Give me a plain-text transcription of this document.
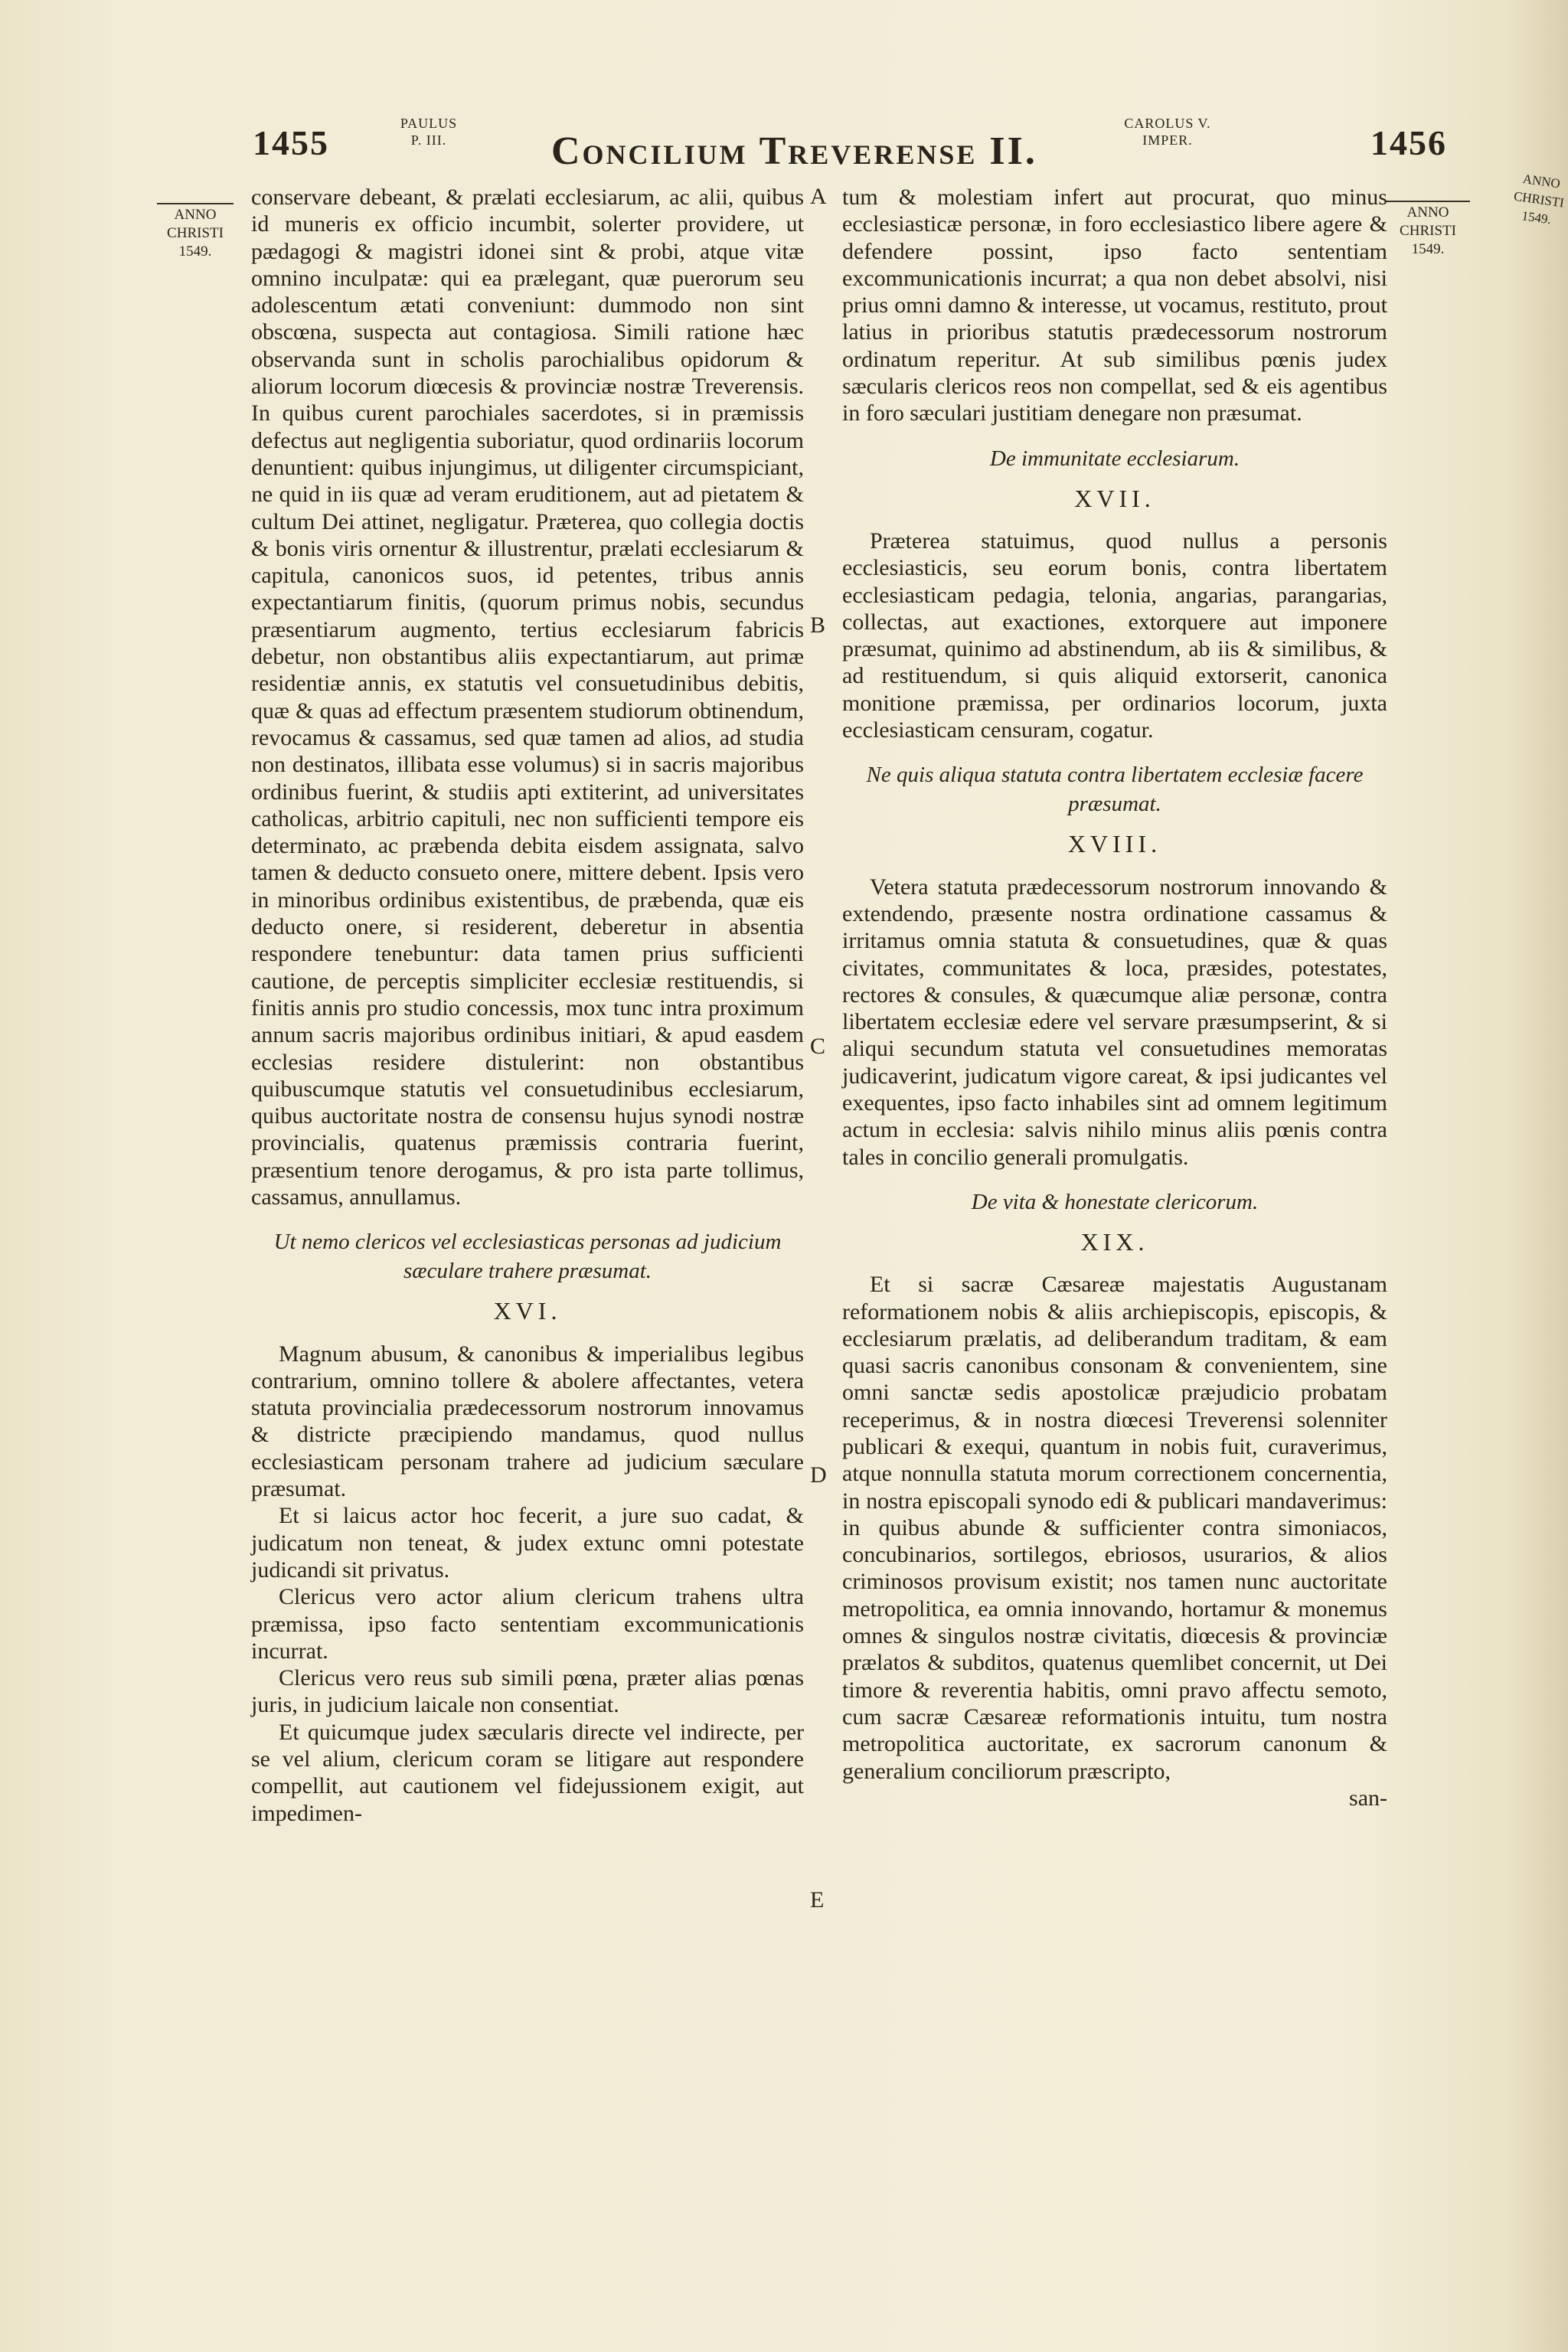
1455	PAULUS
P. III.	Concilium Treverense II.
CAROLUS V.
IMPER.	1456
ANNO
CHRISTI
1549.
ANNO
CHRISTI
1549.
ANNO
CHRISTI
1549.
A
B
C
D
E

conservare debeant, & prælati ecclesiarum, ac alii, quibus id muneris ex officio incumbit, solerter providere, ut pædagogi & magistri idonei sint & probi, atque vitæ omnino inculpatæ: qui ea prælegant, quæ puerorum seu adolescentum ætati conveniunt: dummodo non sint obscœna, suspecta aut contagiosa. Simili ratione hæc observanda sunt in scholis parochialibus opidorum & aliorum locorum diœcesis & provinciæ nostræ Treverensis. In quibus curent parochiales sacerdotes, si in præmissis defectus aut negligentia suboriatur, quod ordinariis locorum denuntient: quibus injungimus, ut diligenter circumspiciant, ne quid in iis quæ ad veram eruditionem, aut ad pietatem & cultum Dei attinet, negligatur. Præterea, quo collegia doctis & bonis viris ornentur & illustrentur, prælati ecclesiarum & capitula, canonicos suos, id petentes, tribus annis expectantiarum finitis, (quorum primus nobis, secundus præsentiarum augmento, tertius ecclesiarum fabricis debetur, non obstantibus aliis expectantiarum, aut primæ residentiæ annis, ex statutis vel consuetudinibus debitis, quæ & quas ad effectum præsentem studiorum obtinendum, revocamus & cassamus, sed quæ tamen ad alios, ad studia non destinatos, illibata esse volumus) si in sacris majoribus ordinibus fuerint, & studiis apti extiterint, ad universitates catholicas, arbitrio capituli, nec non sufficienti tempore eis determinato, ac præbenda debita eisdem assignata, salvo tamen & deducto consueto onere, mittere debent. Ipsis vero in minoribus ordinibus existentibus, de præbenda, quæ eis deducto onere, si residerent, deberetur in absentia respondere tenebuntur: data tamen prius sufficienti cautione, de perceptis simpliciter ecclesiæ restituendis, si finitis annis pro studio concessis, mox tunc intra proximum annum sacris majoribus ordinibus initiari, & apud easdem ecclesias residere distulerint: non obstantibus quibuscumque statutis vel consuetudinibus ecclesiarum, quibus auctoritate nostra de consensu hujus synodi nostræ provincialis, quatenus præmissis contraria fuerint, præsentium tenore derogamus, & pro ista parte tollimus, cassamus, annullamus.

Ut nemo clericos vel ecclesiasticas personas ad judicium sæculare trahere præsumat.
XVI.

Magnum abusum, & canonibus & imperialibus legibus contrarium, omnino tollere & abolere affectantes, vetera statuta provincialia prædecessorum nostrorum innovamus & districte præcipiendo mandamus, quod nullus ecclesiasticam personam trahere ad judicium sæculare præsumat.

Et si laicus actor hoc fecerit, a jure suo cadat, & judicatum non teneat, & judex extunc omni potestate judicandi sit privatus.

Clericus vero actor alium clericum trahens ultra præmissa, ipso facto sententiam excommunicationis incurrat.

Clericus vero reus sub simili pœna, præter alias pœnas juris, in judicium laicale non consentiat.

Et quicumque judex sæcularis directe vel indirecte, per se vel alium, clericum coram se litigare aut respondere compellit, aut cautionem vel fidejussionem exigit, aut impedimen-

tum & molestiam infert aut procurat, quo minus ecclesiasticæ personæ, in foro ecclesiastico libere agere & defendere possint, ipso facto sententiam excommunicationis incurrat; a qua non debet absolvi, nisi prius omni damno & interesse, ut vocamus, restituto, prout latius in prioribus statutis prædecessorum nostrorum ordinatum reperitur. At sub similibus pœnis judex sæcularis clericos reos non compellat, sed & eis agentibus in foro sæculari justitiam denegare non præsumat.

De immunitate ecclesiarum.
XVII.

Præterea statuimus, quod nullus a personis ecclesiasticis, seu eorum bonis, contra libertatem ecclesiasticam pedagia, telonia, angarias, parangarias, collectas, aut exactiones, extorquere aut imponere præsumat, quinimo ad abstinendum, ab iis & similibus, & ad restituendum, si quis aliquid extorserit, canonica monitione præmissa, per ordinarios locorum, juxta ecclesiasticam censuram, cogatur.

Ne quis aliqua statuta contra libertatem ecclesiæ facere præsumat.
XVIII.

Vetera statuta prædecessorum nostrorum innovando & extendendo, præsente nostra ordinatione cassamus & irritamus omnia statuta & consuetudines, quæ & quas civitates, communitates & loca, præsides, potestates, rectores & consules, & quæcumque aliæ personæ, contra libertatem ecclesiæ edere vel servare præsumpserint, & si aliqui secundum statuta vel consuetudines memoratas judicaverint, judicatum vigore careat, & ipsi judicantes vel exequentes, ipso facto inhabiles sint ad omnem legitimum actum in ecclesia: salvis nihilo minus aliis pœnis contra tales in concilio generali promulgatis.

De vita & honestate clericorum.
XIX.

Et si sacræ Cæsareæ majestatis Augustanam reformationem nobis & aliis archiepiscopis, episcopis, & ecclesiarum prælatis, ad deliberandum traditam, & eam quasi sacris canonibus consonam & convenientem, sine omni sanctæ sedis apostolicæ præjudicio probatam receperimus, & in nostra diœcesi Treverensi solenniter publicari & exequi, quantum in nobis fuit, curaverimus, atque nonnulla statuta morum correctionem concernentia, in nostra episcopali synodo edi & publicari mandaverimus: in quibus abunde & sufficienter contra simoniacos, concubinarios, sortilegos, ebriosos, usurarios, & alios criminosos provisum existit; nos tamen nunc auctoritate metropolitica, ea omnia innovando, hortamur & monemus omnes & singulos nostræ civitatis, diœcesis & provinciæ prælatos & subditos, quatenus quemlibet concernit, ut Dei timore & reverentia habitis, omni pravo affectu semoto, cum sacræ Cæsareæ reformationis intuitu, tum nostra metropolitica auctoritate, ex sacrorum canonum & generalium conciliorum præscripto,

san-
